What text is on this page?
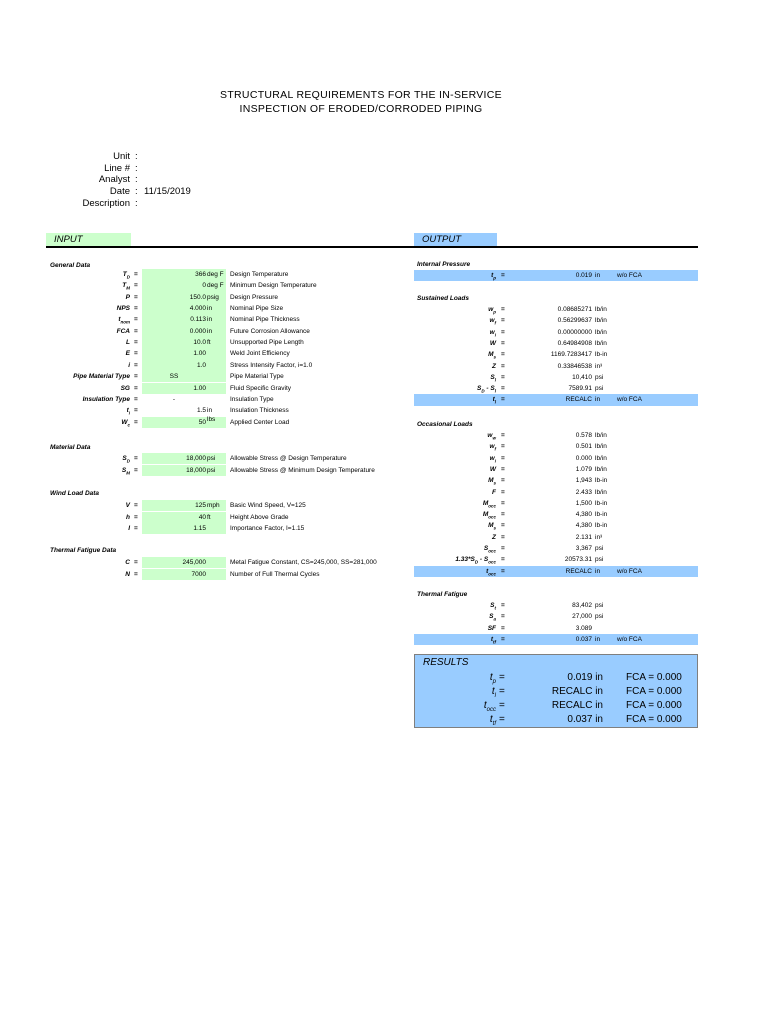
STRUCTURAL REQUIREMENTS FOR THE IN-SERVICE
INSPECTION OF ERODED/CORRODED PIPING
Unit :
Line # :
Analyst :
Date : 11/15/2019
Description :
INPUT	OUTPUT
General Data
Material Data
Wind Load Data
Thermal Fatigue Data
$T_D$ =	366 deg F Design Temperature
$T_M$ =	0 deg F Minimum Design Temperature
P =	150.0 psig Design Pressure
NPS =	4.000 in	Nominal Pipe Size
$t_{nom}$ =	0.113 in	Nominal Pipe Thickness
FCA =	0.000 in	Future Corrosion Allowance
L =	10.0 ft	Unsupported Pipe Length
E =	1.00	Weld Joint Efficiency
i =	1.0	Stress Intensity Factor, i=1.0
Pipe Material Type =	SS	Pipe Material Type
SG =	1.00	Fluid Specific Gravity
Insulation Type =	-	Insulation Type
$t_i$ =	1.5 in	Insulation Thickness
$W_c$ =	50 lbs Applied Center Load
$S_D$ =	18,000 psi Allowable Stress @ Design Temperature
$S_M$ =	18,000 psi Allowable Stress @ Minimum Design Temperature
V =	125 mph Basic Wind Speed, V=125
h =	40 ft	Height Above Grade
I =	1.15	Importance Factor, I=1.15
C =	245,000	Metal Fatigue Constant, CS=245,000, SS=281,000
N =	7000	Number of Full Thermal Cycles
Internal Pressure
Sustained Loads
Occasional Loads
Thermal Fatigue
$t_p$ =	0.019 in	w/o FCA
$w_p$ =	0.08685271 lb/in
$w_f$ =	0.56299637 lb/in
$w_i$ =	0.00000000 lb/in
W =	0.64984908 lb/in
$M_s$ =	1169.7283417 lb-in
Z =	0.33846538 in³
$S_l$ =	10,410 psi
$S_D - S_l$ =	7589.91 psi
$t_l$ =	RECALC in	w/o FCA
$w_w$ =	0.578 lb/in
$w_f$ =	0.501 lb/in
$w_i$ =	0.000 lb/in
W =	1.079 lb/in
$M_s$ =	1,943 lb-in
F =	2.433 lb/in
$M_{occ}$ =	1,500 lb-in
$M_{occ}$ =	4,380 lb-in
$M_s$ =	4,380 lb-in
Z =	2.131 in³
$S_{occ}$ =	3,367 psi
$1.33*S_D - S_{occ}$ =	20573.31 psi
$t_{occ}$ =	RECALC in	w/o FCA
$S_t$ =	83,402 psi
$S_a$ =	27,000 psi
SF =	3.089
$t_{tf}$ =	0.037 in	w/o FCA
RESULTS
$t_p$ =	0.019 in FCA = 0.000
$t_l$ =	RECALC in FCA = 0.000
$t_{occ}$ =	RECALC in FCA = 0.000
$t_{tf}$ =	0.037 in FCA = 0.000
